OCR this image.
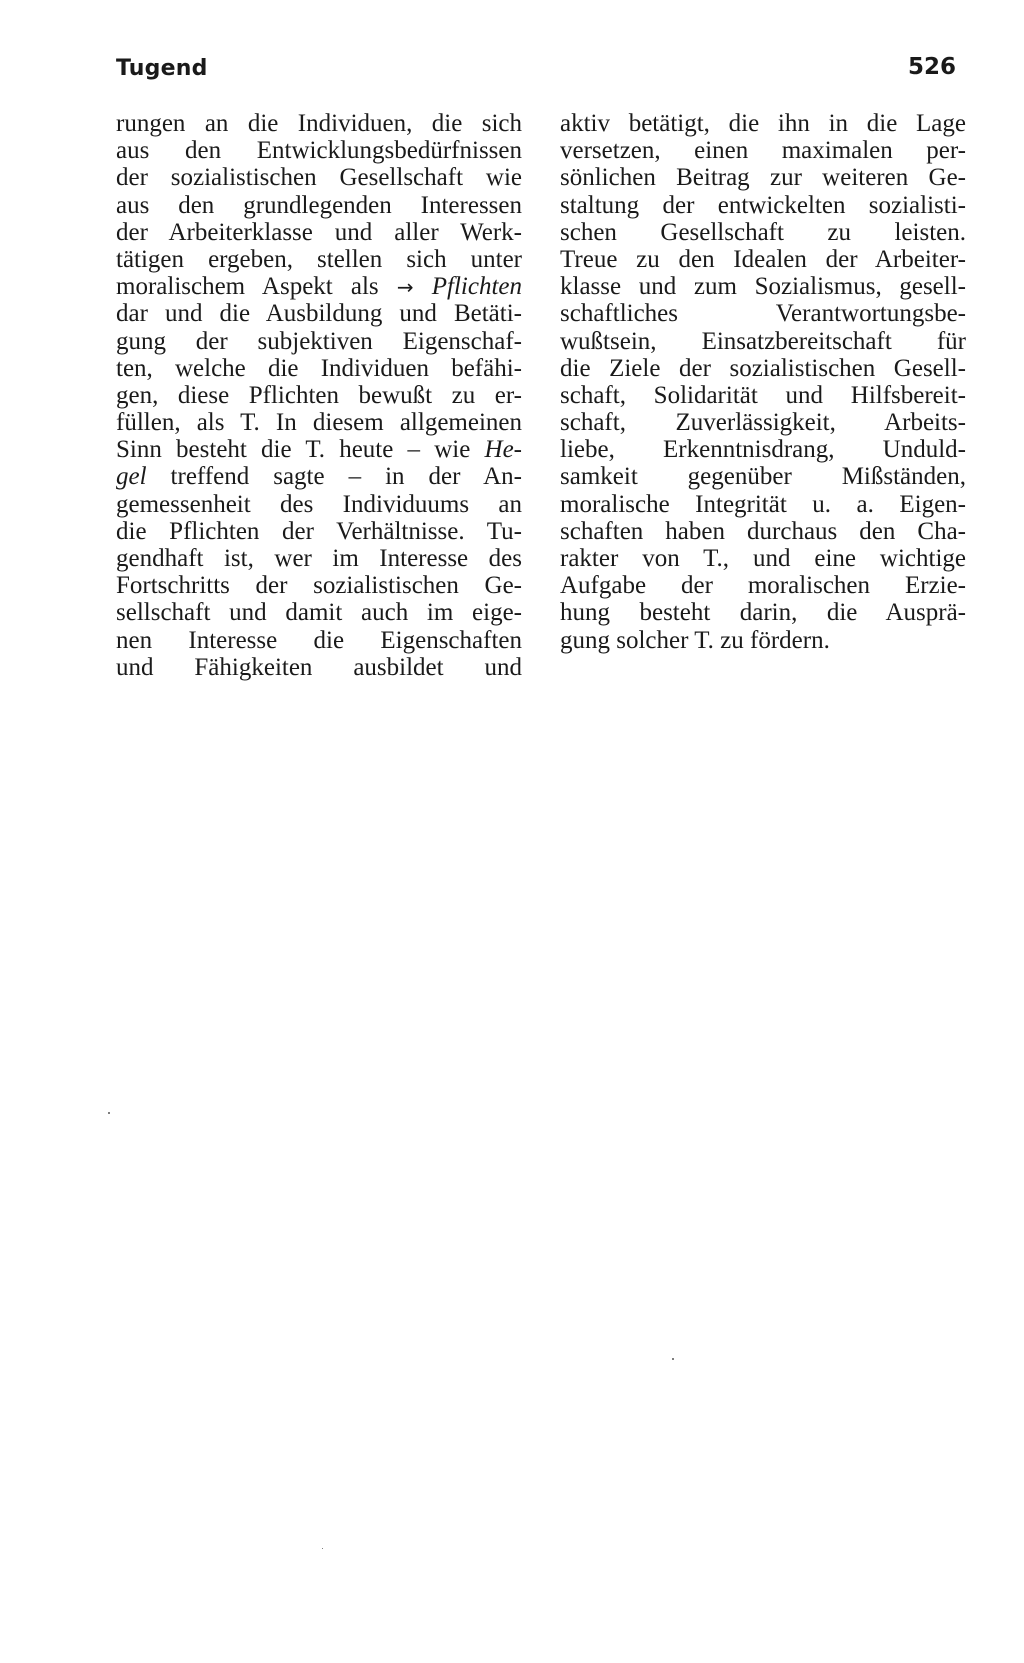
Tugend	526
rungen an die Individuen, die sich
aus den Entwicklungsbedürfnissen
der sozialistischen Gesellschaft wie
aus den grundlegenden Interessen
der Arbeiterklasse und aller Werk-
tätigen ergeben, stellen sich unter
moralischem Aspekt als → Pflichten
dar und die Ausbildung und Betäti-
gung der subjektiven Eigenschaf-
ten, welche die Individuen befähi-
gen, diese Pflichten bewußt zu er-
füllen, als T. In diesem allgemeinen
Sinn besteht die T. heute – wie He-
gel treffend sagte – in der An-
gemessenheit des Individuums an
die Pflichten der Verhältnisse. Tu-
gendhaft ist, wer im Interesse des
Fortschritts der sozialistischen Ge-
sellschaft und damit auch im eige-
nen Interesse die Eigenschaften
und Fähigkeiten ausbildet und
aktiv betätigt, die ihn in die Lage
versetzen, einen maximalen per-
sönlichen Beitrag zur weiteren Ge-
staltung der entwickelten sozialisti-
schen Gesellschaft zu leisten.
Treue zu den Idealen der Arbeiter-
klasse und zum Sozialismus, gesell-
schaftliches Verantwortungsbe-
wußtsein, Einsatzbereitschaft für
die Ziele der sozialistischen Gesell-
schaft, Solidarität und Hilfsbereit-
schaft, Zuverlässigkeit, Arbeits-
liebe, Erkenntnisdrang, Unduld-
samkeit gegenüber Mißständen,
moralische Integrität u. a. Eigen-
schaften haben durchaus den Cha-
rakter von T., und eine wichtige
Aufgabe der moralischen Erzie-
hung besteht darin, die Ausprä-
gung solcher T. zu fördern.
